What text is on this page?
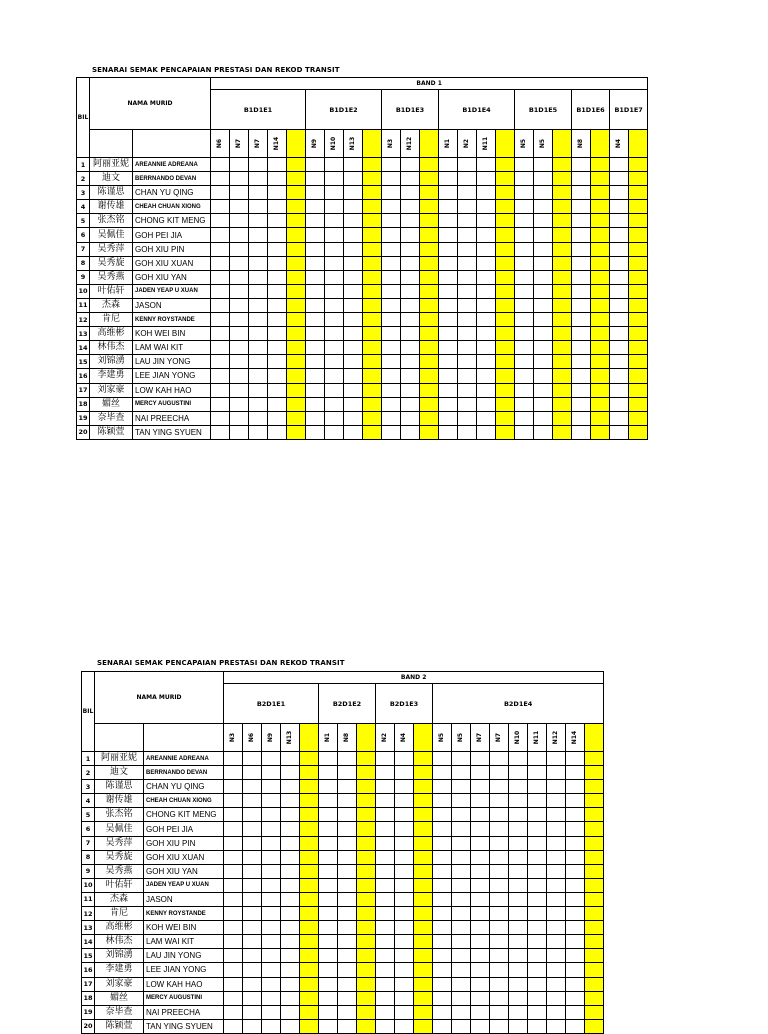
SENARAI SEMAK PENCAPAIAN PRESTASI DAN REKOD TRANSIT
BIL	NAMA MURID		BAND 1																						
			B1D1E1					B1D1E2				B1D1E3			B1D1E4				B1D1E5			B1D1E6		B1D1E7	
			N6	N7	N7	N14		N9	N10	N13		N3	N12		N1	N2	N11		N5	N5		N8		N4	
1	阿丽亚妮	AREANNIE ADREANA																							
2	迪文	BERRNANDO DEVAN																							
3	陈谨思	CHAN YU QING																							
4	谢传雄	CHEAH CHUAN XIONG																							
5	张杰铭	CHONG KIT MENG																							
6	吴佩佳	GOH PEI JIA																							
7	吴秀萍	GOH XIU PIN																							
8	吴秀旋	GOH XIU XUAN																							
9	吴秀燕	GOH XIU YAN																							
10	叶佑轩	JADEN YEAP U XUAN																							
11	杰森	JASON																							
12	肯尼	KENNY ROYSTANDE																							
13	高维彬	KOH WEI BIN																							
14	林伟杰	LAM WAI KIT																							
15	刘锦湧	LAU JIN YONG																							
16	李建勇	LEE JIAN YONG																							
17	刘家豪	LOW KAH HAO																							
18	媚丝	MERCY AUGUSTINI																							
19	奈毕查	NAI PREECHA																							
20	陈颖萱	TAN YING SYUEN																							
SENARAI SEMAK PENCAPAIAN PRESTASI DAN REKOD TRANSIT
BIL	NAMA MURID		BAND 2																			
			B2D1E1					B2D1E2			B2D1E3			B2D1E4								
			N3	N6	N9	N13		N1	N8		N2	N4		N5	N5	N7	N7	N10	N11	N12	N14	
1	阿丽亚妮	AREANNIE ADREANA																				
2	迪文	BERRNANDO DEVAN																				
3	陈谨思	CHAN YU QING																				
4	谢传雄	CHEAH CHUAN XIONG																				
5	张杰铭	CHONG KIT MENG																				
6	吴佩佳	GOH PEI JIA																				
7	吴秀萍	GOH XIU PIN																				
8	吴秀旋	GOH XIU XUAN																				
9	吴秀燕	GOH XIU YAN																				
10	叶佑轩	JADEN YEAP U XUAN																				
11	杰森	JASON																				
12	肯尼	KENNY ROYSTANDE																				
13	高维彬	KOH WEI BIN																				
14	林伟杰	LAM WAI KIT																				
15	刘锦湧	LAU JIN YONG																				
16	李建勇	LEE JIAN YONG																				
17	刘家豪	LOW KAH HAO																				
18	媚丝	MERCY AUGUSTINI																				
19	奈毕查	NAI PREECHA																				
20	陈颖萱	TAN YING SYUEN																				
